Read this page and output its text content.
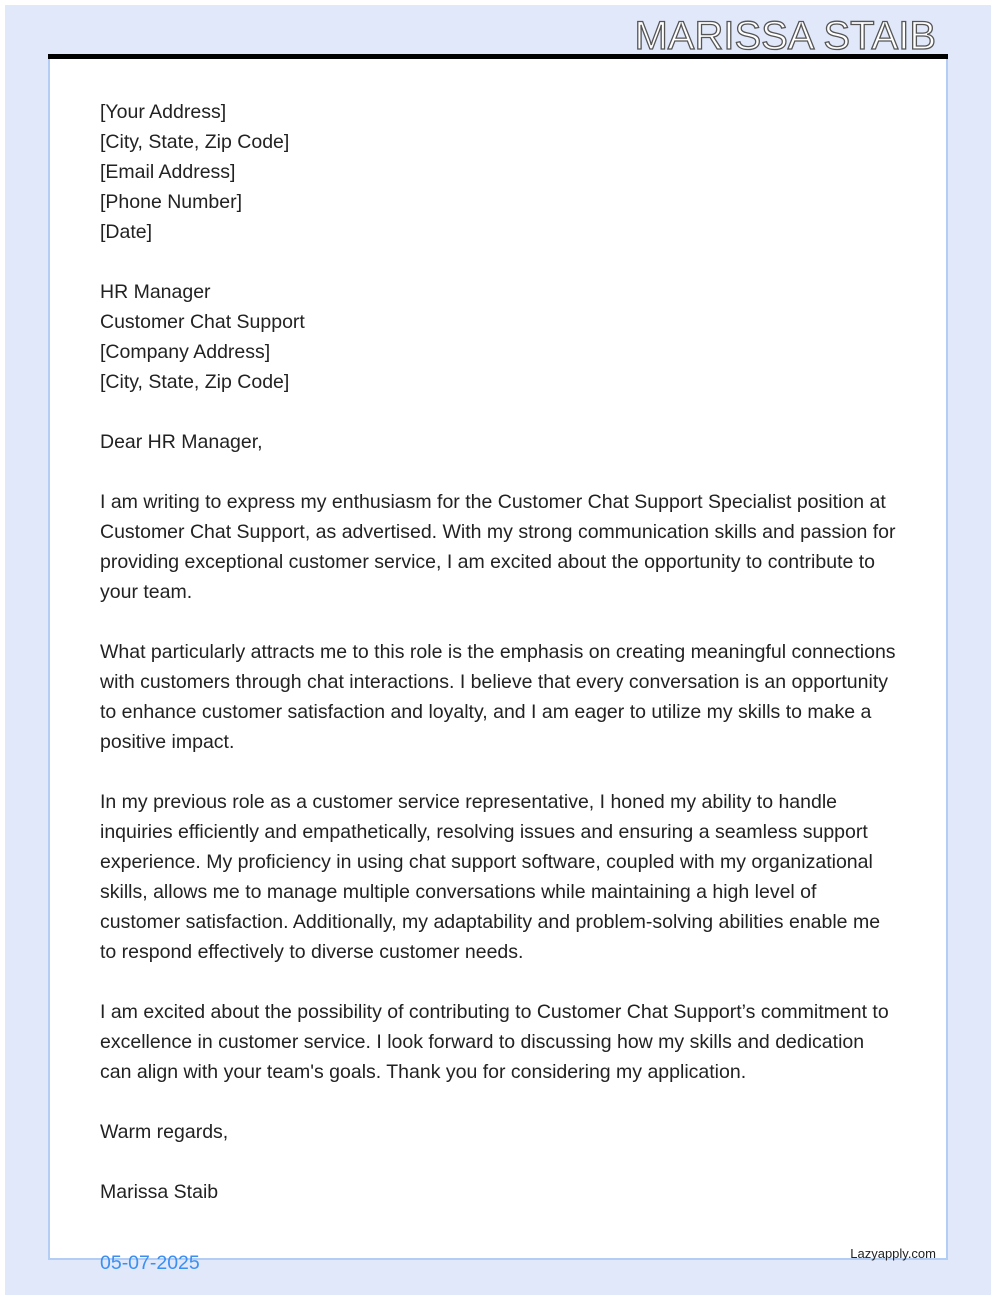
MARISSA STAIB

[Your Address]
[City, State, Zip Code]
[Email Address]
[Phone Number]
[Date]

HR Manager
Customer Chat Support
[Company Address]
[City, State, Zip Code]

Dear HR Manager,

I am writing to express my enthusiasm for the Customer Chat Support Specialist position at Customer Chat Support, as advertised. With my strong communication skills and passion for providing exceptional customer service, I am excited about the opportunity to contribute to your team.

What particularly attracts me to this role is the emphasis on creating meaningful connections with customers through chat interactions. I believe that every conversation is an opportunity to enhance customer satisfaction and loyalty, and I am eager to utilize my skills to make a positive impact.

In my previous role as a customer service representative, I honed my ability to handle inquiries efficiently and empathetically, resolving issues and ensuring a seamless support experience. My proficiency in using chat support software, coupled with my organizational skills, allows me to manage multiple conversations while maintaining a high level of customer satisfaction. Additionally, my adaptability and problem-solving abilities enable me to respond effectively to diverse customer needs.

I am excited about the possibility of contributing to Customer Chat Support’s commitment to excellence in customer service. I look forward to discussing how my skills and dedication can align with your team's goals. Thank you for considering my application.

Warm regards,

Marissa Staib

05-07-2025	Lazyapply.com
